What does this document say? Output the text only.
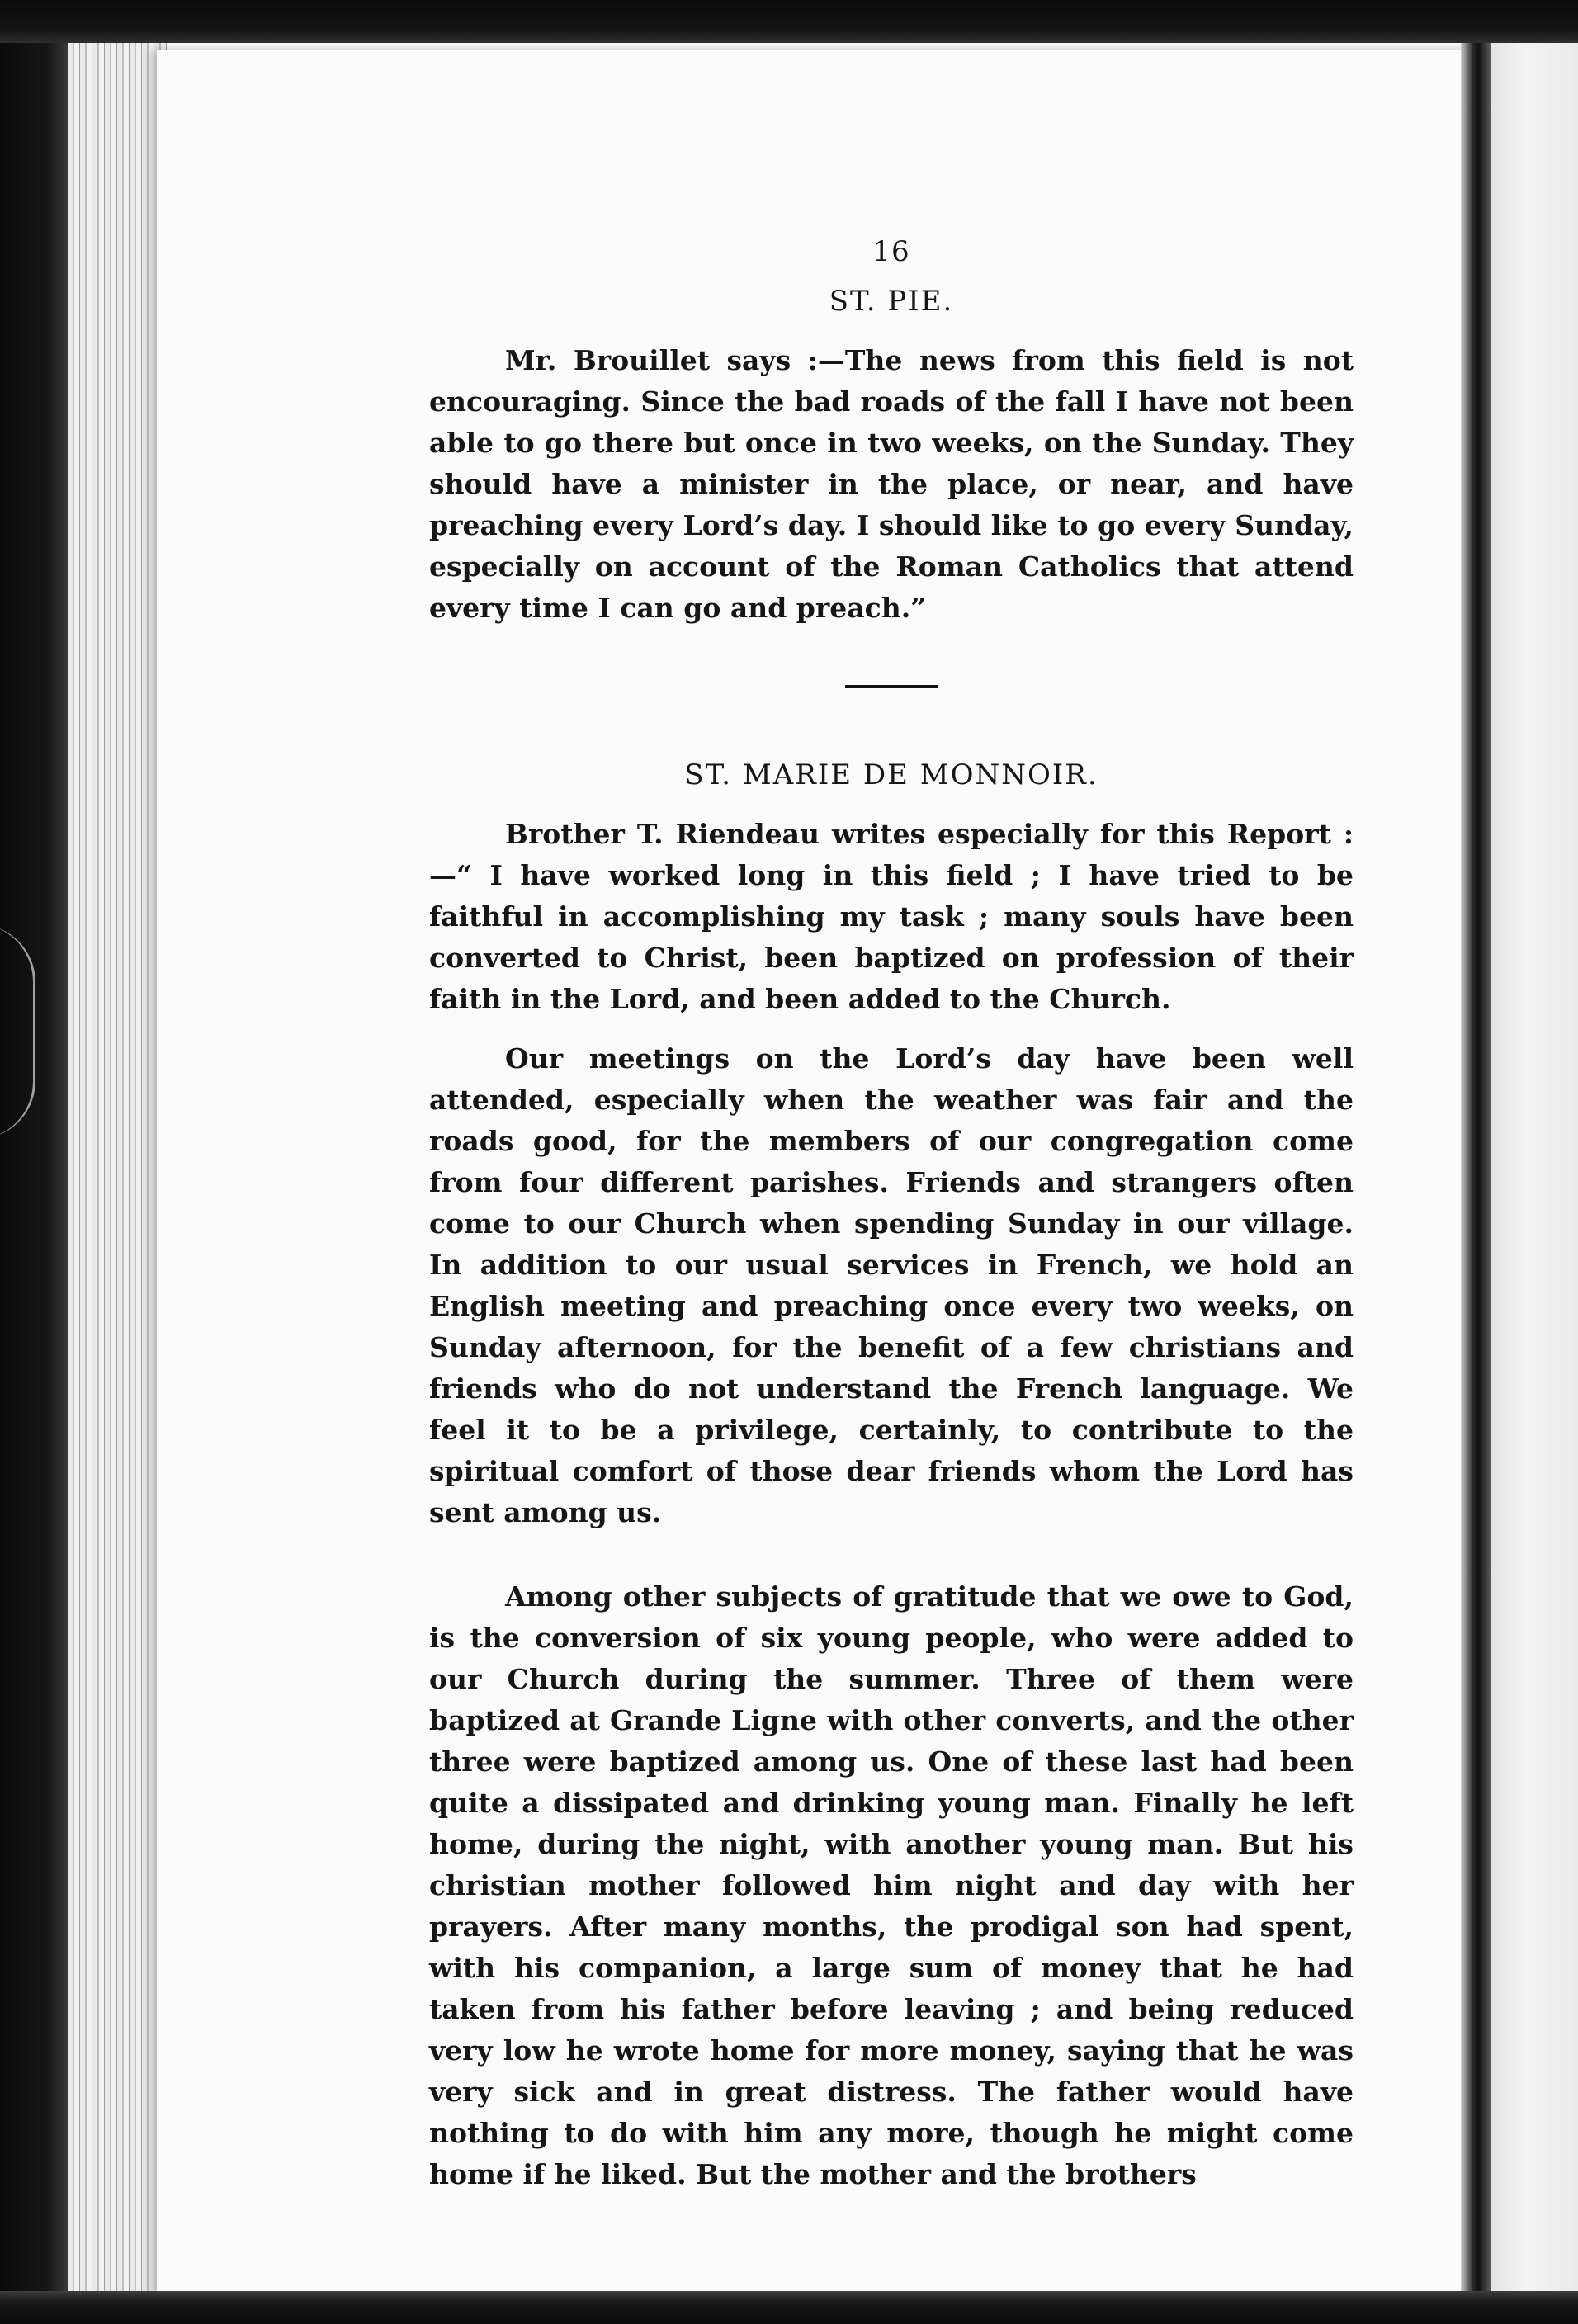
16
ST. PIE.

Mr. Brouillet says :—The news from this field is not encouraging. Since the bad roads of the fall I have not been able to go there but once in two weeks, on the Sunday. They should have a minister in the place, or near, and have preaching every Lord’s day. I should like to go every Sunday, especially on account of the Roman Catholics that attend every time I can go and preach.”

ST. MARIE DE MONNOIR.

Brother T. Riendeau writes especially for this Report :—“ I have worked long in this field ; I have tried to be faithful in accomplishing my task ; many souls have been converted to Christ, been baptized on profession of their faith in the Lord, and been added to the Church.

Our meetings on the Lord’s day have been well attended, especially when the weather was fair and the roads good, for the members of our congregation come from four different parishes. Friends and strangers often come to our Church when spending Sunday in our village. In addition to our usual services in French, we hold an English meeting and preaching once every two weeks, on Sunday afternoon, for the benefit of a few christians and friends who do not understand the French language. We feel it to be a privilege, certainly, to contribute to the spiritual comfort of those dear friends whom the Lord has sent among us.

Among other subjects of gratitude that we owe to God, is the conversion of six young people, who were added to our Church during the summer. Three of them were baptized at Grande Ligne with other converts, and the other three were baptized among us. One of these last had been quite a dissipated and drinking young man. Finally he left home, during the night, with another young man. But his christian mother followed him night and day with her prayers. After many months, the prodigal son had spent, with his companion, a large sum of money that he had taken from his father before leaving ; and being reduced very low he wrote home for more money, saying that he was very sick and in great distress. The father would have nothing to do with him any more, though he might come home if he liked. But the mother and the brothers
